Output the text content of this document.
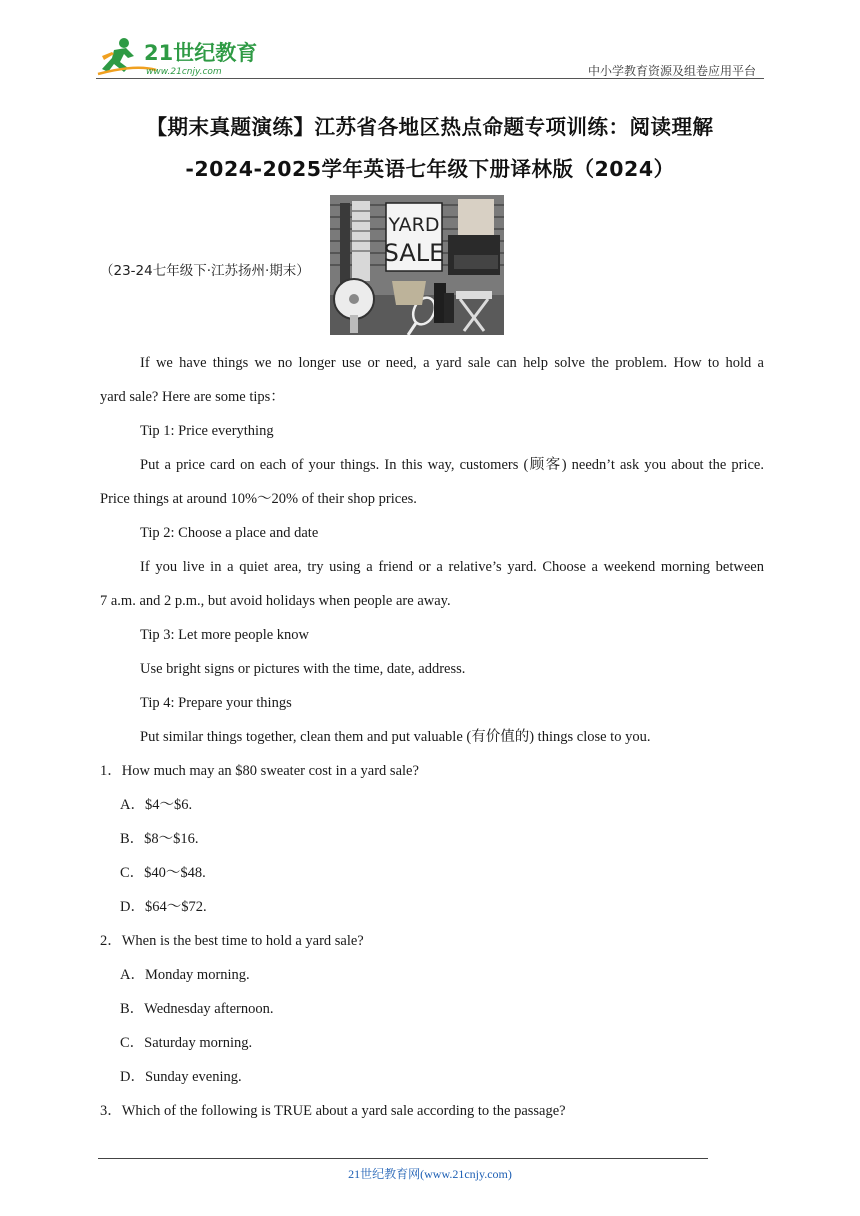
21世纪教育
www.21cnjy.com	中小学教育资源及组卷应用平台
【期末真题演练】江苏省各地区热点命题专项训练：阅读理解
-2024-2025学年英语七年级下册译林版（2024）
（23-24七年级下·江苏扬州·期末）
YARD
SALE
If we have things we no longer use or need, a yard sale can help solve the problem. How to hold a
yard sale? Here are some tips：
Tip 1: Price everything
Put a price card on each of your things. In this way, customers (顾客) needn’t ask you about the price.
Price things at around 10%～20% of their shop prices.
Tip 2: Choose a place and date
If you live in a quiet area, try using a friend or a relative’s yard. Choose a weekend morning between
7 a.m. and 2 p.m., but avoid holidays when people are away.
Tip 3: Let more people know
Use bright signs or pictures with the time, date, address.
Tip 4: Prepare your things
Put similar things together, clean them and put valuable (有价值的) things close to you.
1．How much may an $80 sweater cost in a yard sale?
A．$4～$6.
B．$8～$16.
C．$40～$48.
D．$64～$72.
2．When is the best time to hold a yard sale?
A．Monday morning.
B．Wednesday afternoon.
C．Saturday morning.
D．Sunday evening.
3．Which of the following is TRUE about a yard sale according to the passage?
21世纪教育网(www.21cnjy.com)
